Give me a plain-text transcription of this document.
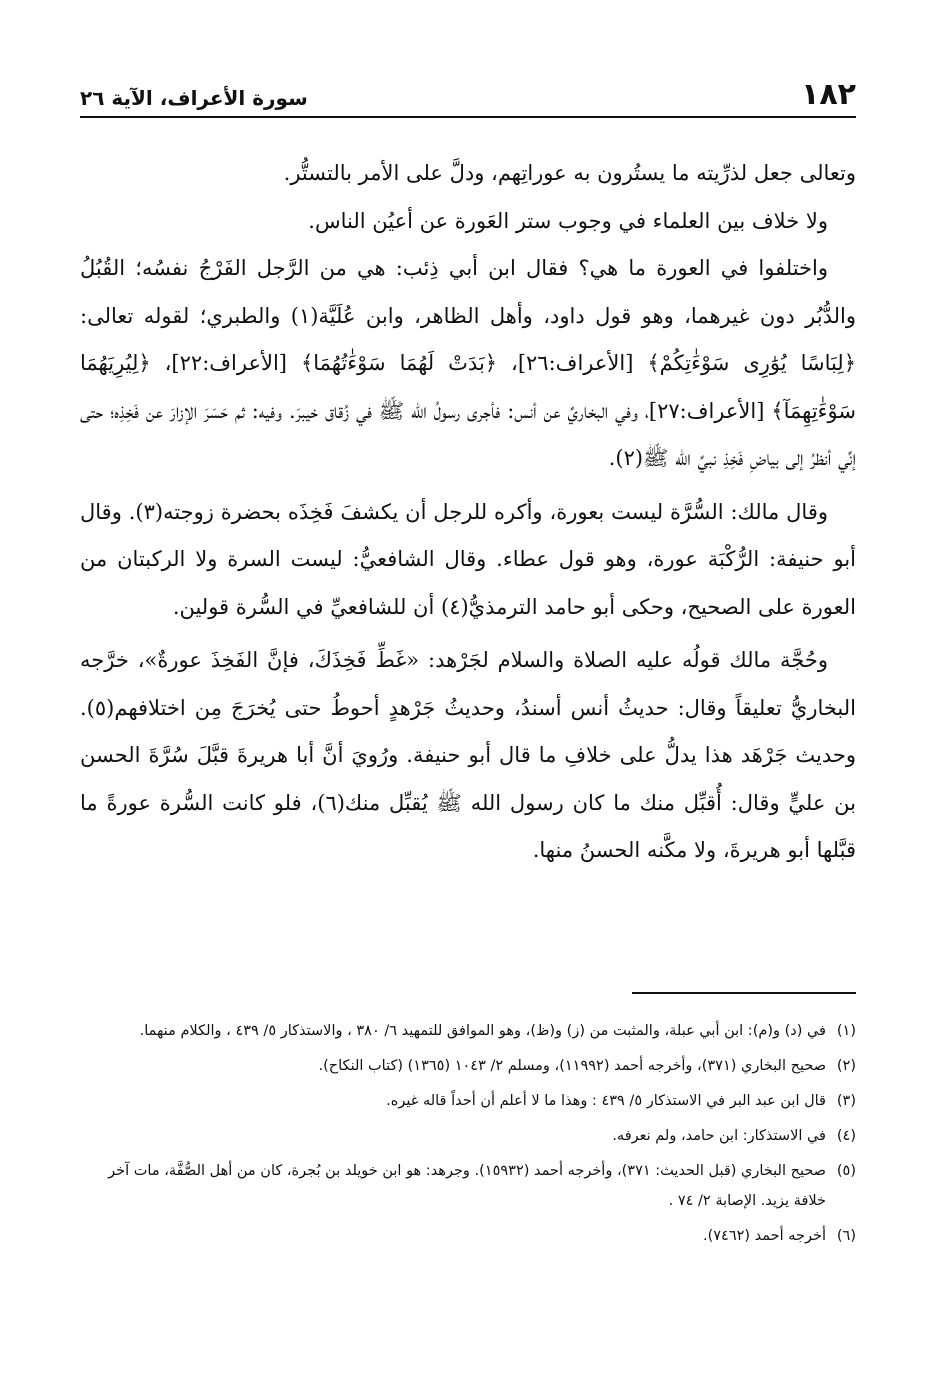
١٨٢
سورة الأعراف، الآية ٢٦

وتعالى جعل لذرِّيته ما يستُرون به عوراتِهم، ودلَّ على الأمر بالتستُّر.

ولا خلاف بين العلماء في وجوب ستر العَورة عن أعيُن الناس.

واختلفوا في العورة ما هي؟ فقال ابن أبي ذِئب: هي من الرَّجل الفَرْجُ نفسُه؛ القُبُلُ والدُّبُر دون غيرهما، وهو قول داود، وأهل الظاهر، وابن عُلَيَّة(١) والطبري؛ لقوله تعالى: ﴿لِبَاسًا يُوَٰرِى سَوْءَٰتِكُمْ﴾ [الأعراف:٢٦]، ﴿بَدَتْ لَهُمَا سَوْءَٰتُهُمَا﴾ [الأعراف:٢٢]، ﴿لِيُرِيَهُمَا سَوْءَٰتِهِمَآ﴾ [الأعراف:٢٧]، وفي البخاريِّ عن أنس: فأجرى رسولُ الله ﷺ في زُقاق خيبرَ. وفيه: ثم حَسَرَ الإزارَ عن فَخِذِه؛ حتى إنِّي أنظرُ إلى بياضِ فَخِذِ نبيِّ الله ﷺ(٢).

وقال مالك: السُّرَّة ليست بعورة، وأكره للرجل أن يكشفَ فَخِذَه بحضرة زوجته(٣). وقال أبو حنيفة: الرُّكْبَة عورة، وهو قول عطاء. وقال الشافعيُّ: ليست السرة ولا الركبتان من العورة على الصحيح، وحكى أبو حامد الترمذيُّ(٤) أن للشافعيِّ في السُّرة قولين.

وحُجَّة مالك قولُه عليه الصلاة والسلام لجَرْهد: «غَطِّ فَخِذَكَ، فإنَّ الفَخِذَ عورةٌ»، خرَّجه البخاريُّ تعليقاً وقال: حديثُ أنس أسندُ، وحديثُ جَرْهدٍ أحوطُ حتى يُخرَجَ مِن اختلافهم(٥). وحديث جَرْهَد هذا يدلُّ على خلافِ ما قال أبو حنيفة. ورُويَ أنَّ أبا هريرةَ قبَّلَ سُرَّةَ الحسن بن عليٍّ وقال: أُقبِّل منك ما كان رسول الله ﷺ يُقبِّل منك(٦)، فلو كانت السُّرة عورةً ما قبَّلها أبو هريرةَ، ولا مكَّنه الحسنُ منها.

(١)
في (د) و(م): ابن أبي عبلة، والمثبت من (ز) و(ظ)، وهو الموافق للتمهيد ٦/ ٣٨٠ ، والاستذكار ٥/ ٤٣٩ ، والكلام منهما.
(٢)
صحيح البخاري (٣٧١)، وأخرجه أحمد (١١٩٩٢)، ومسلم ٢/ ١٠٤٣ (١٣٦٥) (كتاب النكاح).
(٣)
قال ابن عبد البر في الاستذكار ٥/ ٤٣٩ : وهذا ما لا أعلم أن أحداً قاله غيره.
(٤)
في الاستذكار: ابن حامد، ولم نعرفه.
(٥)
صحيح البخاري (قبل الحديث: ٣٧١)، وأخرجه أحمد (١٥٩٣٢). وجرهد: هو ابن خويلد بن بُجرة، كان من أهل الصُّفَّة، مات آخر خلافة يزيد. الإصابة ٢/ ٧٤ .
(٦)
أخرجه أحمد (٧٤٦٢).
